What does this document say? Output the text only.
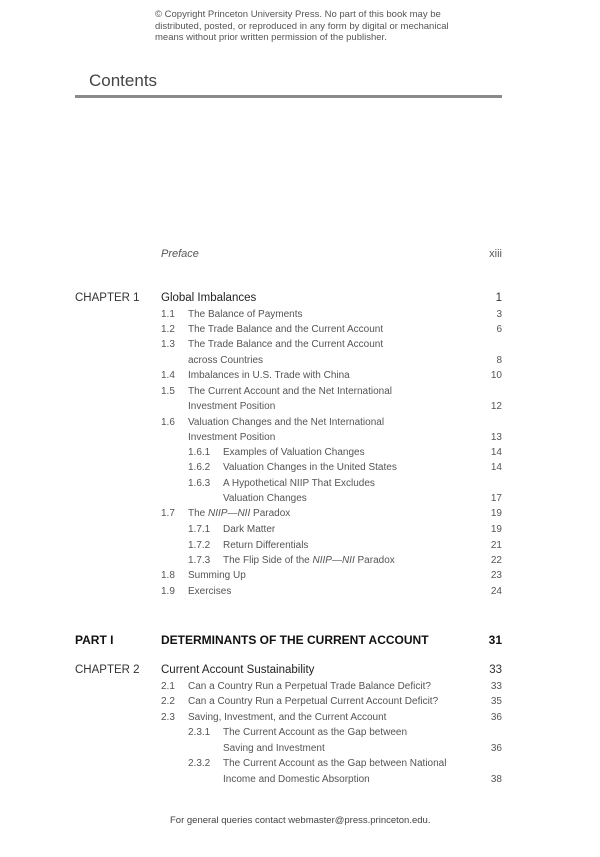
© Copyright Princeton University Press. No part of this book may be
distributed, posted, or reproduced in any form by digital or mechanical
means without prior written permission of the publisher.
Contents
Preface	xiii
CHAPTER 1 Global Imbalances	1
1.1 The Balance of Payments	3
1.2 The Trade Balance and the Current Account	6
1.3 The Trade Balance and the Current Account
across Countries	8
1.4 Imbalances in U.S. Trade with China	10
1.5 The Current Account and the Net International
Investment Position	12
1.6 Valuation Changes and the Net International
Investment Position	13
1.6.1 Examples of Valuation Changes	14
1.6.2 Valuation Changes in the United States	14
1.6.3 A Hypothetical NIIP That Excludes
Valuation Changes	17
1.7 The NIIP—NII Paradox	19
1.7.1 Dark Matter	19
1.7.2 Return Differentials	21
1.7.3 The Flip Side of the NIIP—NII Paradox	22
1.8 Summing Up	23
1.9 Exercises	24
PART I	DETERMINANTS OF THE CURRENT ACCOUNT	31
CHAPTER 2 Current Account Sustainability	33
2.1 Can a Country Run a Perpetual Trade Balance Deficit?	33
2.2 Can a Country Run a Perpetual Current Account Deficit?	35
2.3 Saving, Investment, and the Current Account	36
2.3.1 The Current Account as the Gap between
Saving and Investment	36
2.3.2 The Current Account as the Gap between National
Income and Domestic Absorption	38
For general queries contact webmaster@press.princeton.edu.
